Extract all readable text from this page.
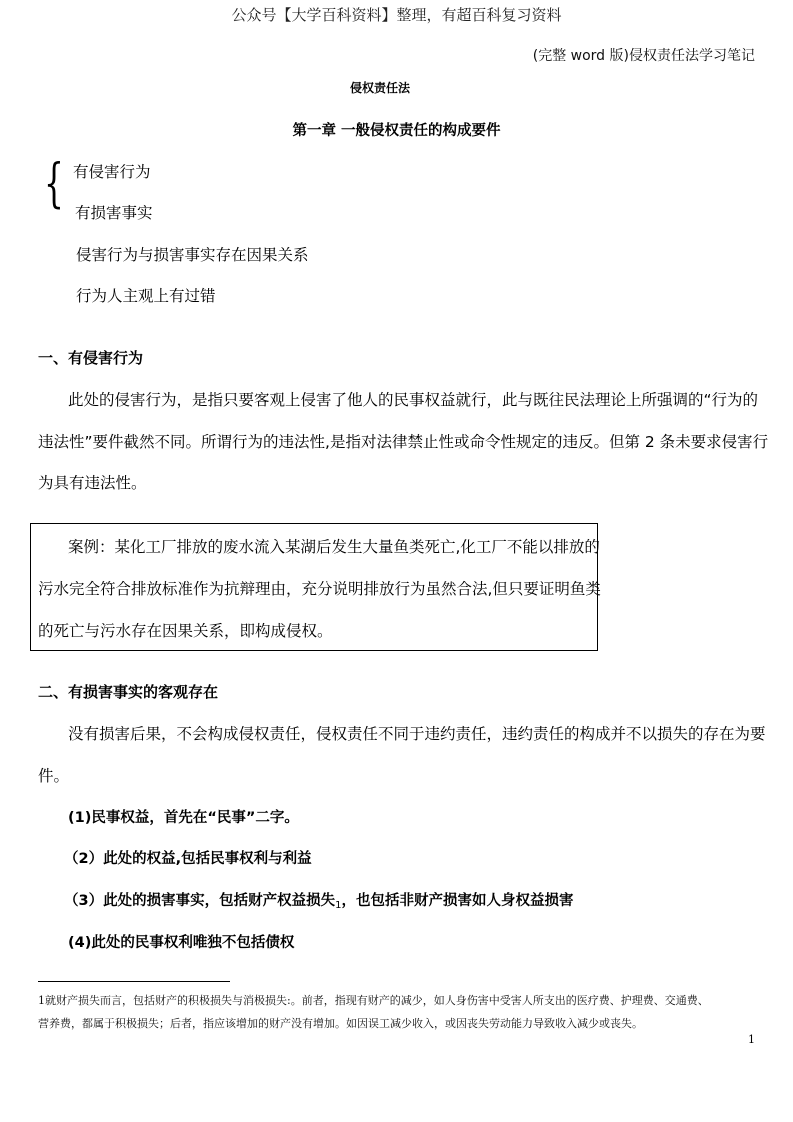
公众号【大学百科资料】整理，有超百科复习资料
(完整 word 版)侵权责任法学习笔记
侵权责任法
第一章 一般侵权责任的构成要件
{ 有侵害行为
有损害事实
侵害行为与损害事实存在因果关系
行为人主观上有过错
一、有侵害行为
此处的侵害行为，是指只要客观上侵害了他人的民事权益就行，此与既往民法理论上所强调的“行为的
违法性”要件截然不同。所谓行为的违法性,是指对法律禁止性或命令性规定的违反。但第 2 条未要求侵害行
为具有违法性。
案例：某化工厂排放的废水流入某湖后发生大量鱼类死亡,化工厂不能以排放的
污水完全符合排放标准作为抗辩理由，充分说明排放行为虽然合法,但只要证明鱼类
的死亡与污水存在因果关系，即构成侵权。
二、有损害事实的客观存在
没有损害后果，不会构成侵权责任，侵权责任不同于违约责任，违约责任的构成并不以损失的存在为要
件。
(1)民事权益，首先在“民事”二字。
（2）此处的权益,包括民事权利与利益
（3）此处的损害事实，包括财产权益损失$^1$，也包括非财产损害如人身权益损害
(4)此处的民事权利唯独不包括债权
1就财产损失而言，包括财产的积极损失与消极损失:。前者，指现有财产的减少，如人身伤害中受害人所支出的医疗费、护理费、交通费、
营养费，都属于积极损失；后者，指应该增加的财产没有增加。如因误工减少收入，或因丧失劳动能力导致收入减少或丧失。
1
